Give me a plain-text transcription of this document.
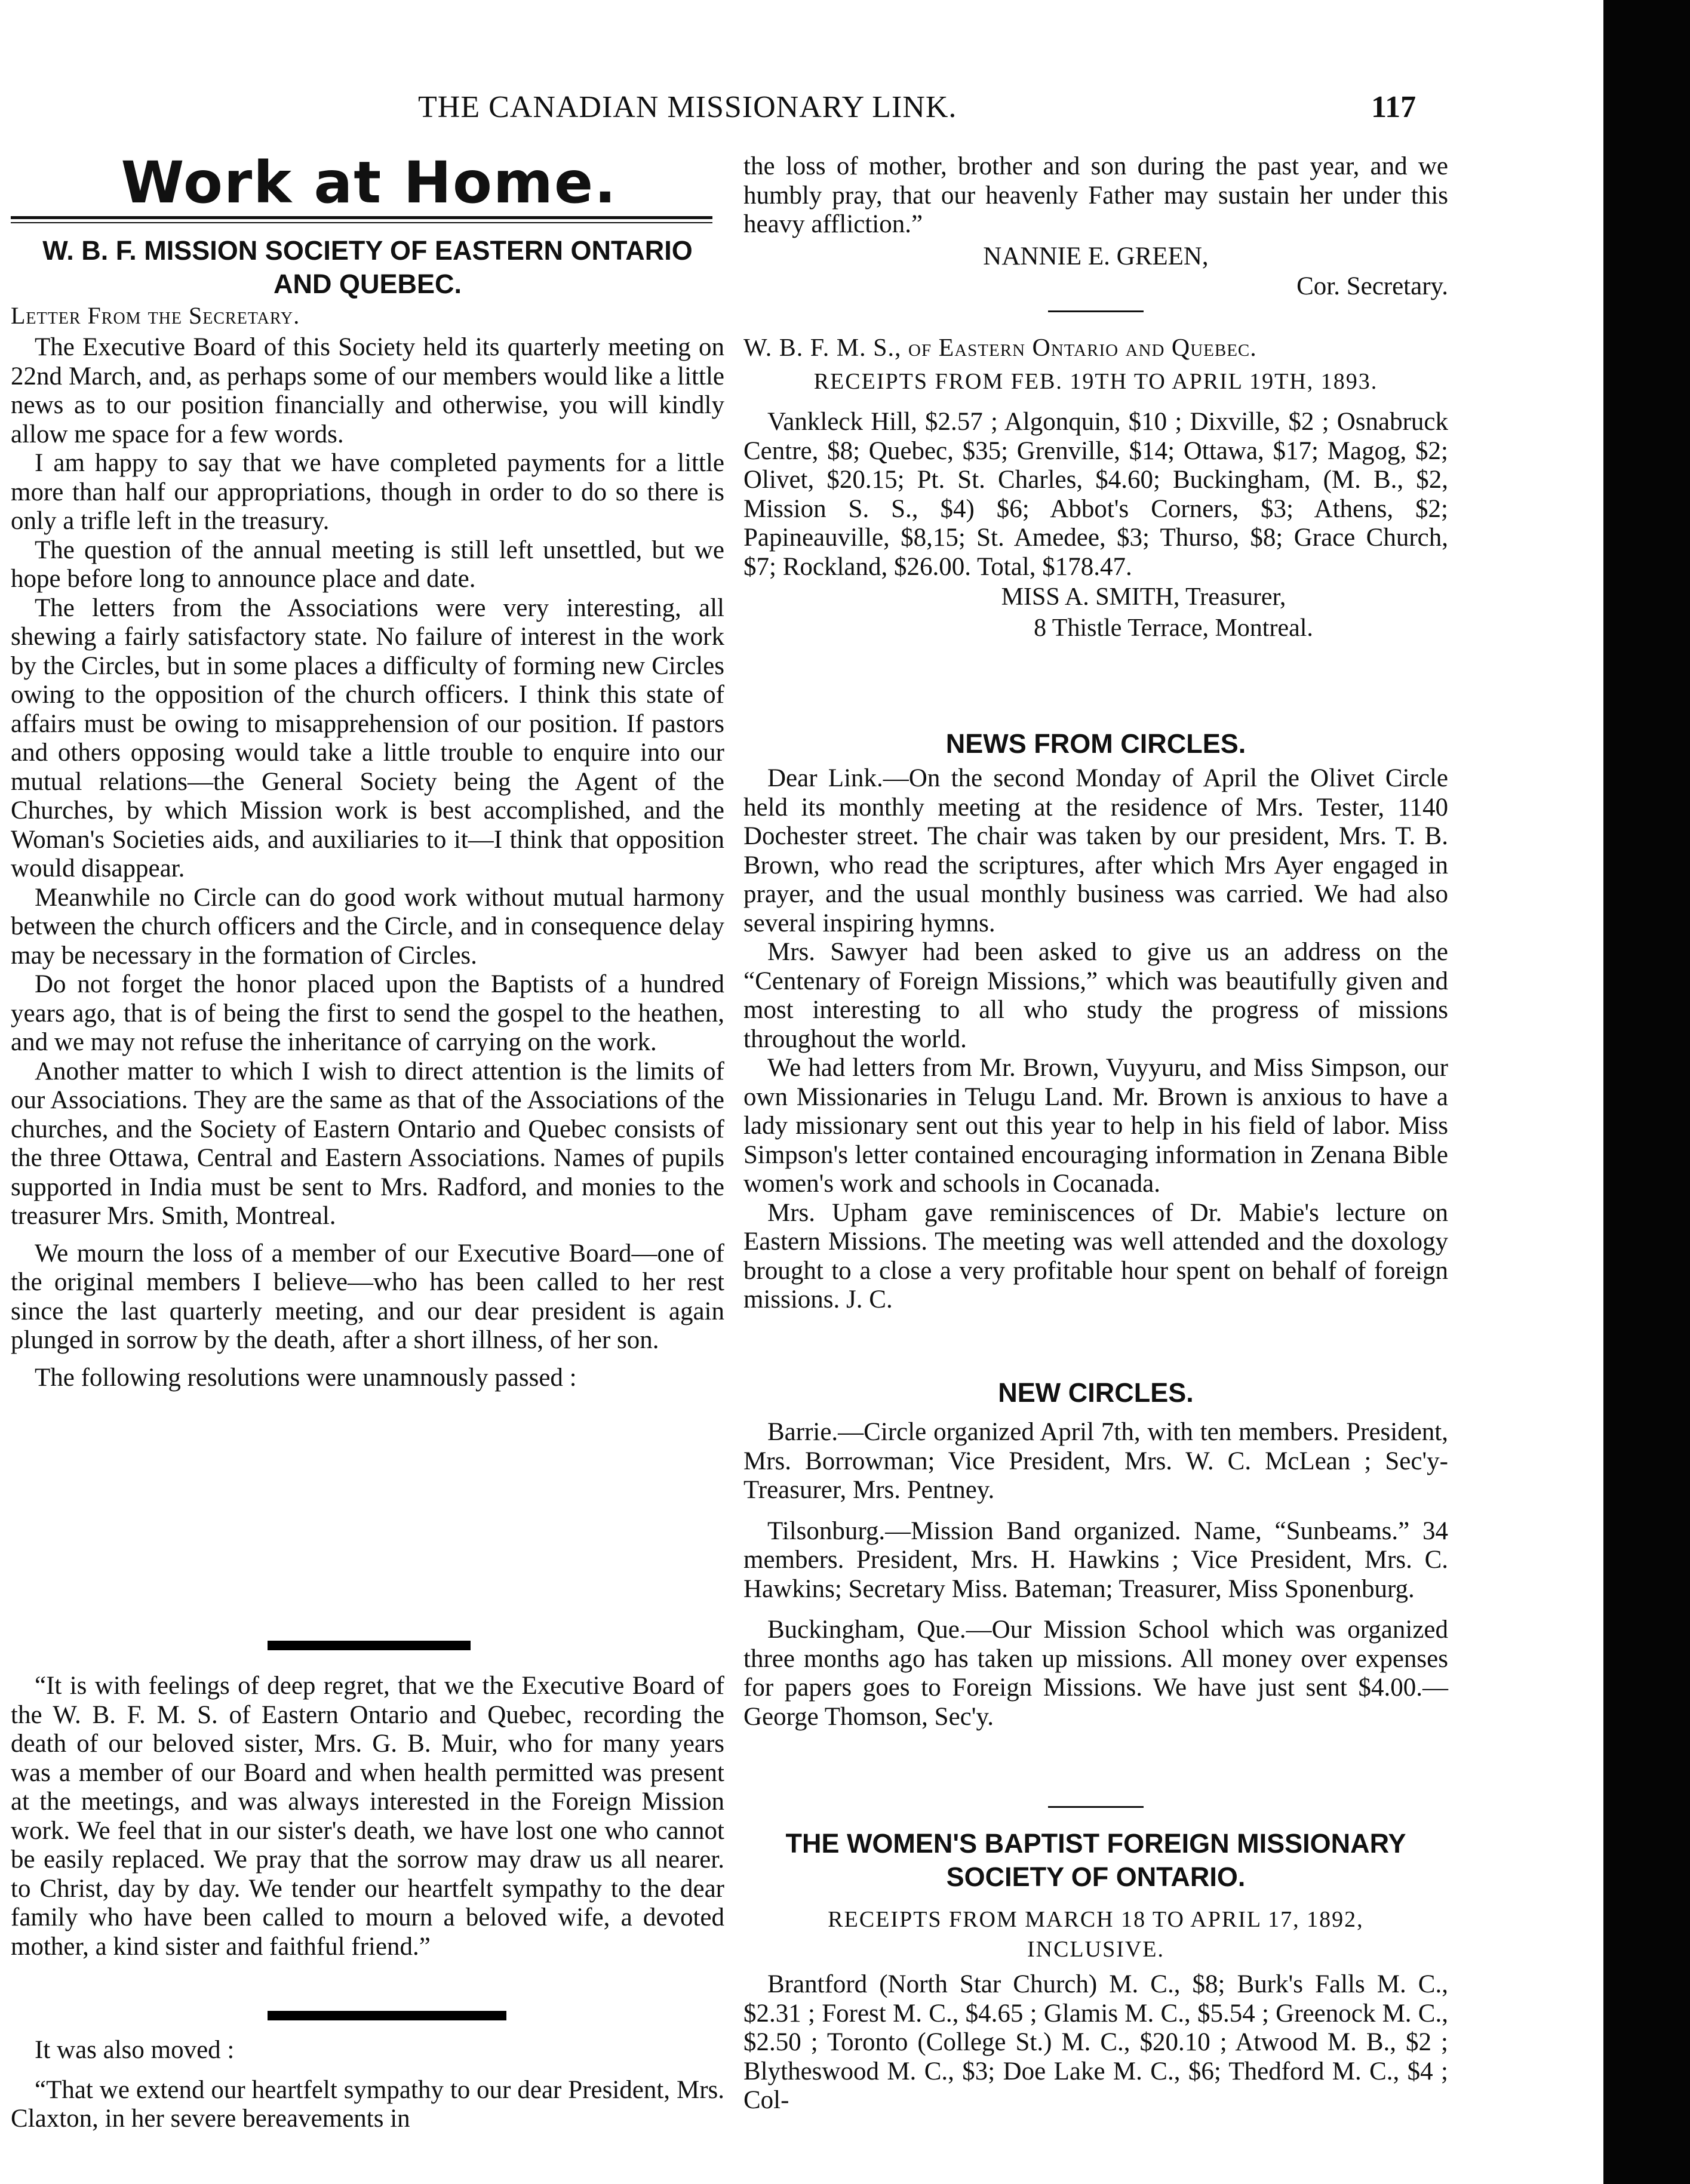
THE CANADIAN MISSIONARY LINK.	117
Work at Home.
W. B. F. MISSION SOCIETY OF EASTERN ONTARIO AND QUEBEC.
Letter From the Secretary.

The Executive Board of this Society held its quarterly meeting on 22nd March, and, as perhaps some of our members would like a little news as to our position financially and otherwise, you will kindly allow me space for a few words.

I am happy to say that we have completed payments for a little more than half our appropriations, though in order to do so there is only a trifle left in the treasury.

The question of the annual meeting is still left unsettled, but we hope before long to announce place and date.

The letters from the Associations were very interesting, all shewing a fairly satisfactory state. No failure of interest in the work by the Circles, but in some places a difficulty of forming new Circles owing to the opposition of the church officers. I think this state of affairs must be owing to misapprehension of our position. If pastors and others opposing would take a little trouble to enquire into our mutual relations—the General Society being the Agent of the Churches, by which Mission work is best accomplished, and the Woman's Societies aids, and auxiliaries to it—I think that opposition would disappear.

Meanwhile no Circle can do good work without mutual harmony between the church officers and the Circle, and in consequence delay may be necessary in the formation of Circles.

Do not forget the honor placed upon the Baptists of a hundred years ago, that is of being the first to send the gospel to the heathen, and we may not refuse the inheritance of carrying on the work.

Another matter to which I wish to direct attention is the limits of our Associations. They are the same as that of the Associations of the churches, and the Society of Eastern Ontario and Quebec consists of the three Ottawa, Central and Eastern Associations. Names of pupils supported in India must be sent to Mrs. Radford, and monies to the treasurer Mrs. Smith, Montreal.

We mourn the loss of a member of our Executive Board—one of the original members I believe—who has been called to her rest since the last quarterly meeting, and our dear president is again plunged in sorrow by the death, after a short illness, of her son.

The following resolutions were unamnously passed :

“It is with feelings of deep regret, that we the Executive Board of the W. B. F. M. S. of Eastern Ontario and Quebec, recording the death of our beloved sister, Mrs. G. B. Muir, who for many years was a member of our Board and when health permitted was present at the meetings, and was always interested in the Foreign Mission work. We feel that in our sister's death, we have lost one who cannot be easily replaced. We pray that the sorrow may draw us all nearer. to Christ, day by day. We tender our heartfelt sympathy to the dear family who have been called to mourn a beloved wife, a devoted mother, a kind sister and faithful friend.”

It was also moved :

“That we extend our heartfelt sympathy to our dear President, Mrs. Claxton, in her severe bereavements in

the loss of mother, brother and son during the past year, and we humbly pray, that our heavenly Father may sustain her under this heavy affliction.”

NANNIE E. GREEN,
Cor. Secretary.
W. B. F. M. S., of Eastern Ontario and Quebec.
RECEIPTS FROM FEB. 19TH TO APRIL 19TH, 1893.

Vankleck Hill, $2.57 ; Algonquin, $10 ; Dixville, $2 ; Osnabruck Centre, $8; Quebec, $35; Grenville, $14; Ottawa, $17; Magog, $2; Olivet, $20.15; Pt. St. Charles, $4.60; Buckingham, (M. B., $2, Mission S. S., $4) $6; Abbot's Corners, $3; Athens, $2; Papineauville, $8,15; St. Amedee, $3; Thurso, $8; Grace Church, $7; Rockland, $26.00. Total, $178.47.

MISS A. SMITH, Treasurer,
8 Thistle Terrace, Montreal.
NEWS FROM CIRCLES.

Dear Link.—On the second Monday of April the Olivet Circle held its monthly meeting at the residence of Mrs. Tester, 1140 Dochester street. The chair was taken by our president, Mrs. T. B. Brown, who read the scriptures, after which Mrs Ayer engaged in prayer, and the usual monthly business was carried. We had also several inspiring hymns.

Mrs. Sawyer had been asked to give us an address on the “Centenary of Foreign Missions,” which was beautifully given and most interesting to all who study the progress of missions throughout the world.

We had letters from Mr. Brown, Vuyyuru, and Miss Simpson, our own Missionaries in Telugu Land. Mr. Brown is anxious to have a lady missionary sent out this year to help in his field of labor. Miss Simpson's letter contained encouraging information in Zenana Bible women's work and schools in Cocanada.

Mrs. Upham gave reminiscences of Dr. Mabie's lecture on Eastern Missions. The meeting was well attended and the doxology brought to a close a very profitable hour spent on behalf of foreign missions. J. C.

NEW CIRCLES.

Barrie.—Circle organized April 7th, with ten members. President, Mrs. Borrowman; Vice President, Mrs. W. C. McLean ; Sec'y-Treasurer, Mrs. Pentney.

Tilsonburg.—Mission Band organized. Name, “Sunbeams.” 34 members. President, Mrs. H. Hawkins ; Vice President, Mrs. C. Hawkins; Secretary Miss. Bateman; Treasurer, Miss Sponenburg.

Buckingham, Que.—Our Mission School which was organized three months ago has taken up missions. All money over expenses for papers goes to Foreign Missions. We have just sent $4.00.—George Thomson, Sec'y.

THE WOMEN'S BAPTIST FOREIGN MISSIONARY SOCIETY OF ONTARIO.
RECEIPTS FROM MARCH 18 TO APRIL 17, 1892, INCLUSIVE.

Brantford (North Star Church) M. C., $8; Burk's Falls M. C., $2.31 ; Forest M. C., $4.65 ; Glamis M. C., $5.54 ; Greenock M. C., $2.50 ; Toronto (College St.) M. C., $20.10 ; Atwood M. B., $2 ; Blytheswood M. C., $3; Doe Lake M. C., $6; Thedford M. C., $4 ; Col-
